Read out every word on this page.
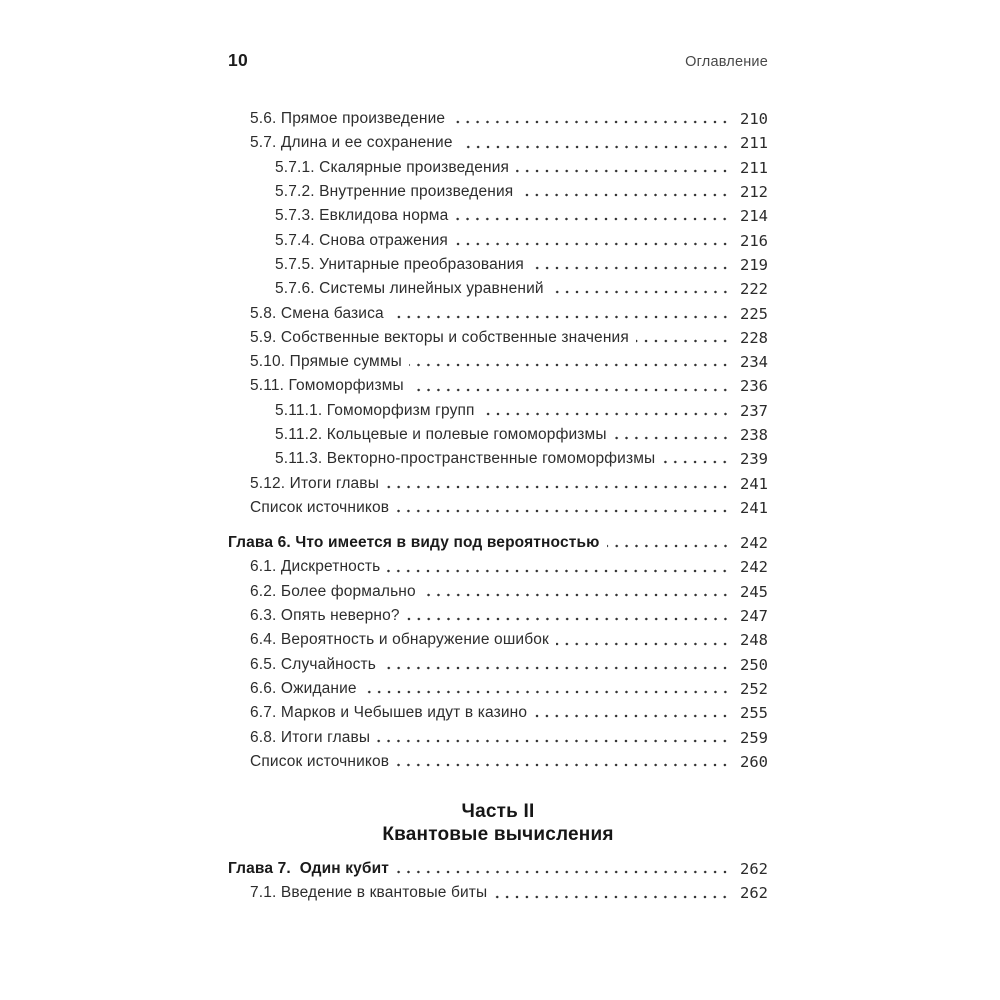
10	Оглавление
5.6. Прямое произведение	210
5.7. Длина и ее сохранение	211
5.7.1. Скалярные произведения	211
5.7.2. Внутренние произведения	212
5.7.3. Евклидова норма	214
5.7.4. Снова отражения	216
5.7.5. Унитарные преобразования	219
5.7.6. Системы линейных уравнений	222
5.8. Смена базиса	225
5.9. Собственные векторы и собственные значения	228
5.10. Прямые суммы	234
5.11. Гомоморфизмы	236
5.11.1. Гомоморфизм групп	237
5.11.2. Кольцевые и полевые гомоморфизмы	238
5.11.3. Векторно-пространственные гомоморфизмы	239
5.12. Итоги главы	241
Список источников	241
Глава 6. Что имеется в виду под вероятностью	242
6.1. Дискретность	242
6.2. Более формально	245
6.3. Опять неверно?	247
6.4. Вероятность и обнаружение ошибок	248
6.5. Случайность	250
6.6. Ожидание	252
6.7. Марков и Чебышев идут в казино	255
6.8. Итоги главы	259
Список источников	260
Часть II
Квантовые вычисления
Глава 7.  Один кубит	262
7.1. Введение в квантовые биты	262
